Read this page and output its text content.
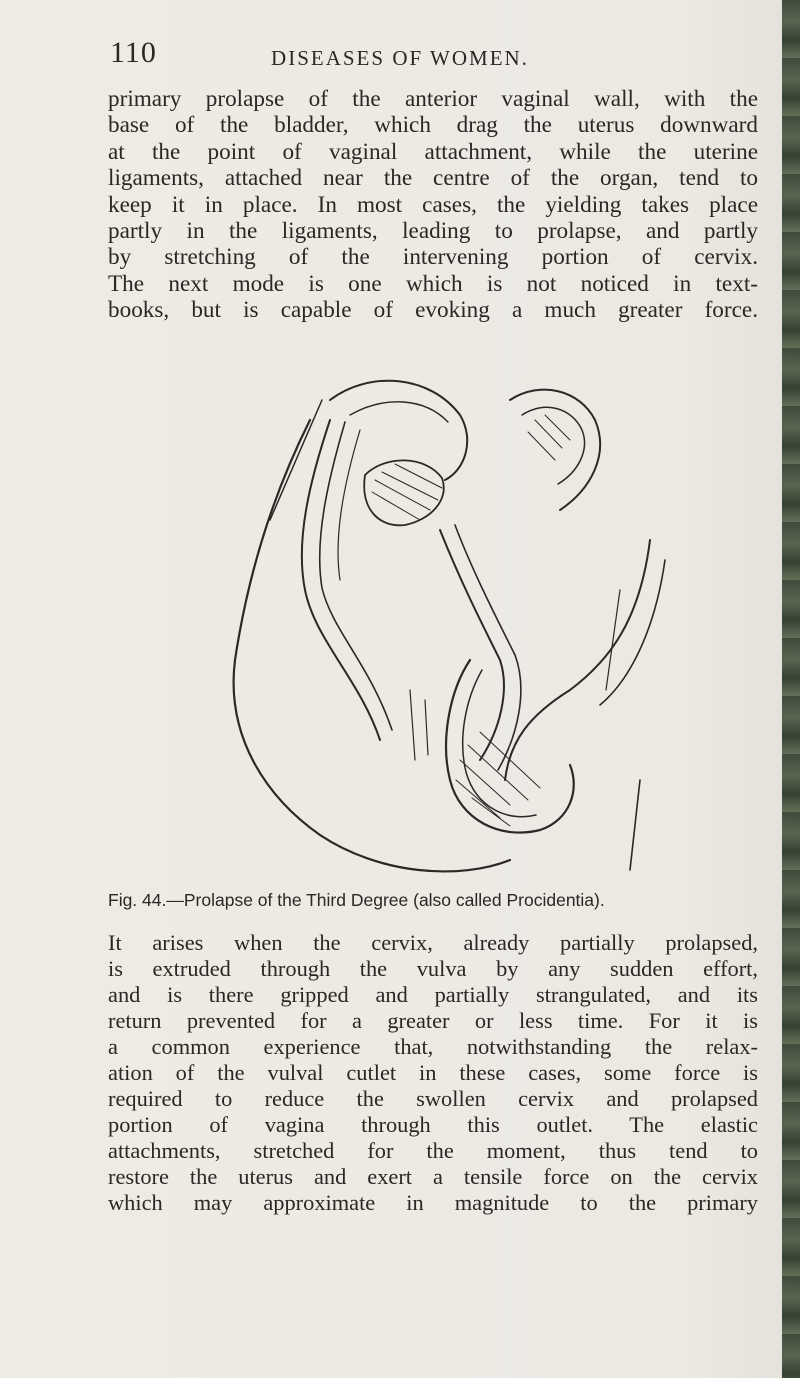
110	DISEASES OF WOMEN.

primary prolapse of the anterior vaginal wall, with the
base of the bladder, which drag the uterus downward
at the point of vaginal attachment, while the uterine
ligaments, attached near the centre of the organ, tend to
keep it in place. In most cases, the yielding takes place
partly in the ligaments, leading to prolapse, and partly
by stretching of the intervening portion of cervix.
The next mode is one which is not noticed in text-
books, but is capable of evoking a much greater force.

Fig. 44.—Prolapse of the Third Degree (also called Procidentia).

It arises when the cervix, already partially prolapsed,
is extruded through the vulva by any sudden effort,
and is there gripped and partially strangulated, and its
return prevented for a greater or less time. For it is
a common experience that, notwithstanding the relax-
ation of the vulval cutlet in these cases, some force is
required to reduce the swollen cervix and prolapsed
portion of vagina through this outlet. The elastic
attachments, stretched for the moment, thus tend to
restore the uterus and exert a tensile force on the cervix
which may approximate in magnitude to the primary
